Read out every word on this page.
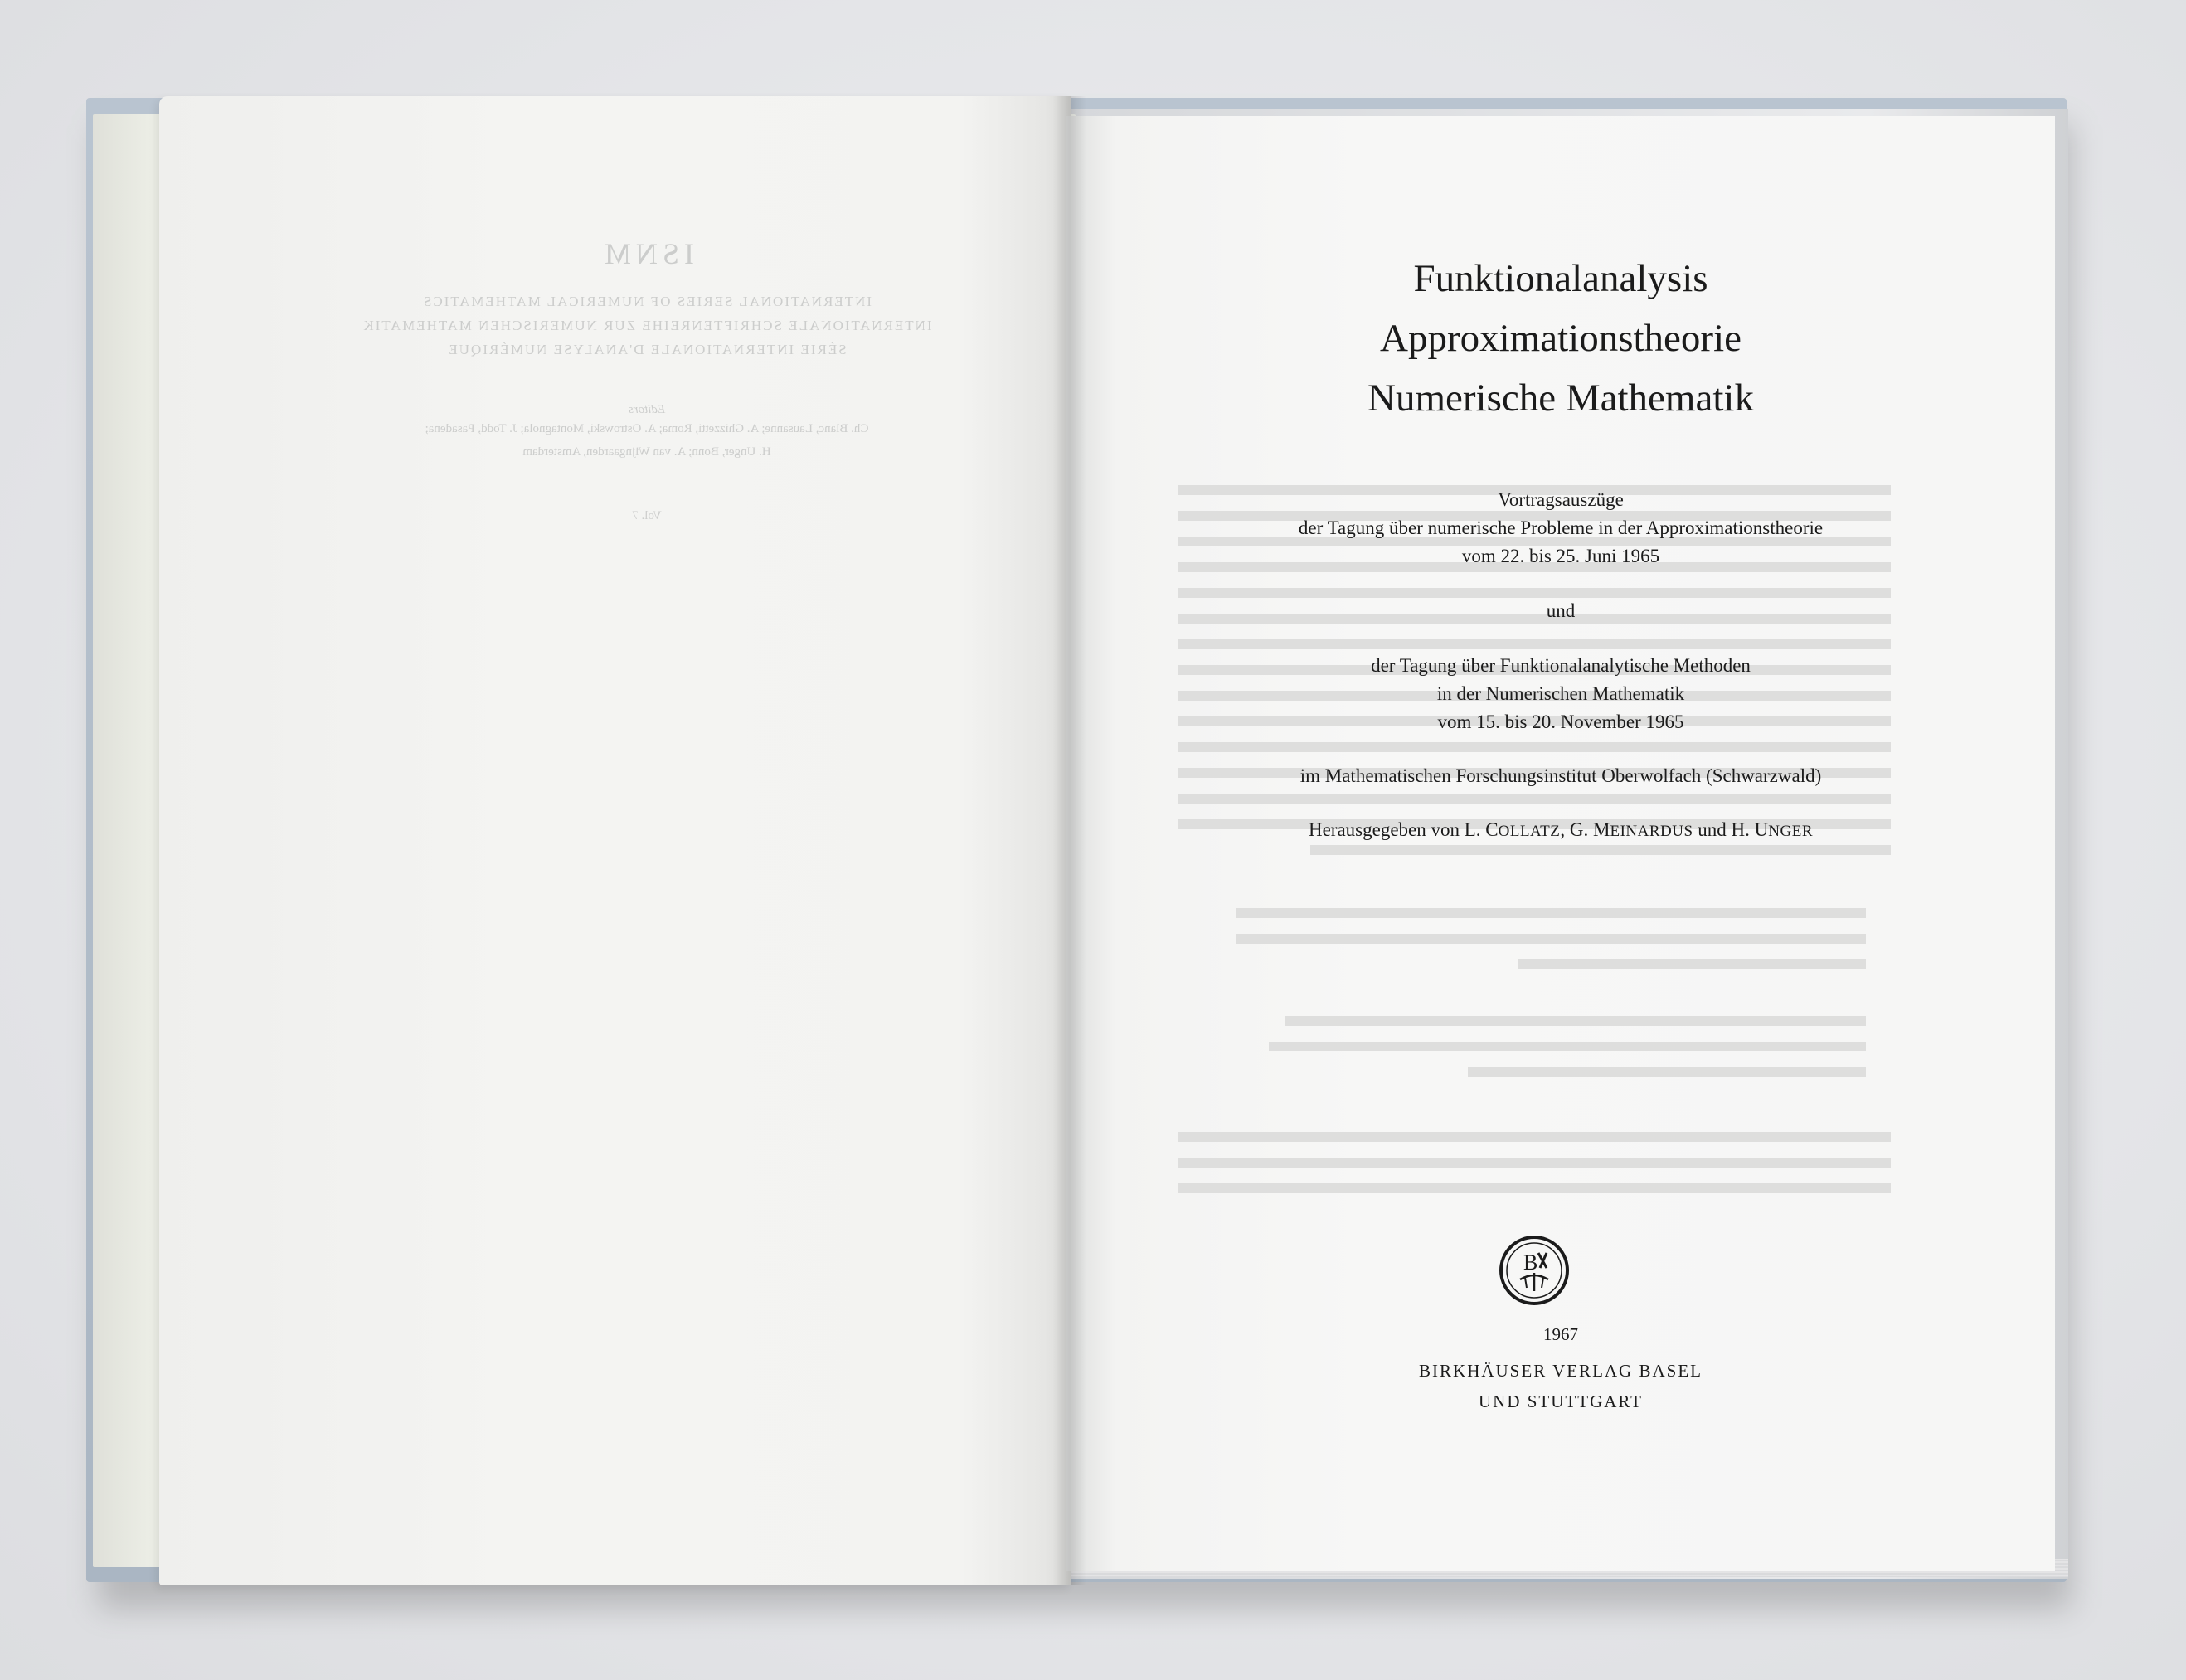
ISNM
INTERNATIONAL SERIES OF NUMERICAL MATHEMATICS
INTERNATIONALE SCHRIFTENREIHE ZUR NUMERISCHEN MATHEMATIK
SÉRIE INTERNATIONALE D'ANALYSE NUMÉRIQUE
Editors
Ch. Blanc, Lausanne; A. Ghizzetti, Roma; A. Ostrowski, Montagnola; J. Todd, Pasadena;
H. Unger, Bonn; A. van Wijngaarden, Amsterdam
Vol. 7
Funktionalanalysis
Approximationstheorie
Numerische Mathematik
Vortragsauszüge
der Tagung über numerische Probleme in der Approximationstheorie
vom 22. bis 25. Juni 1965
und
der Tagung über Funktionalanalytische Methoden
in der Numerischen Mathematik
vom 15. bis 20. November 1965
im Mathematischen Forschungsinstitut Oberwolfach (Schwarzwald)
Herausgegeben von L. COLLATZ, G. MEINARDUS und H. UNGER
B
1967
BIRKHÄUSER VERLAG BASEL
UND STUTTGART
